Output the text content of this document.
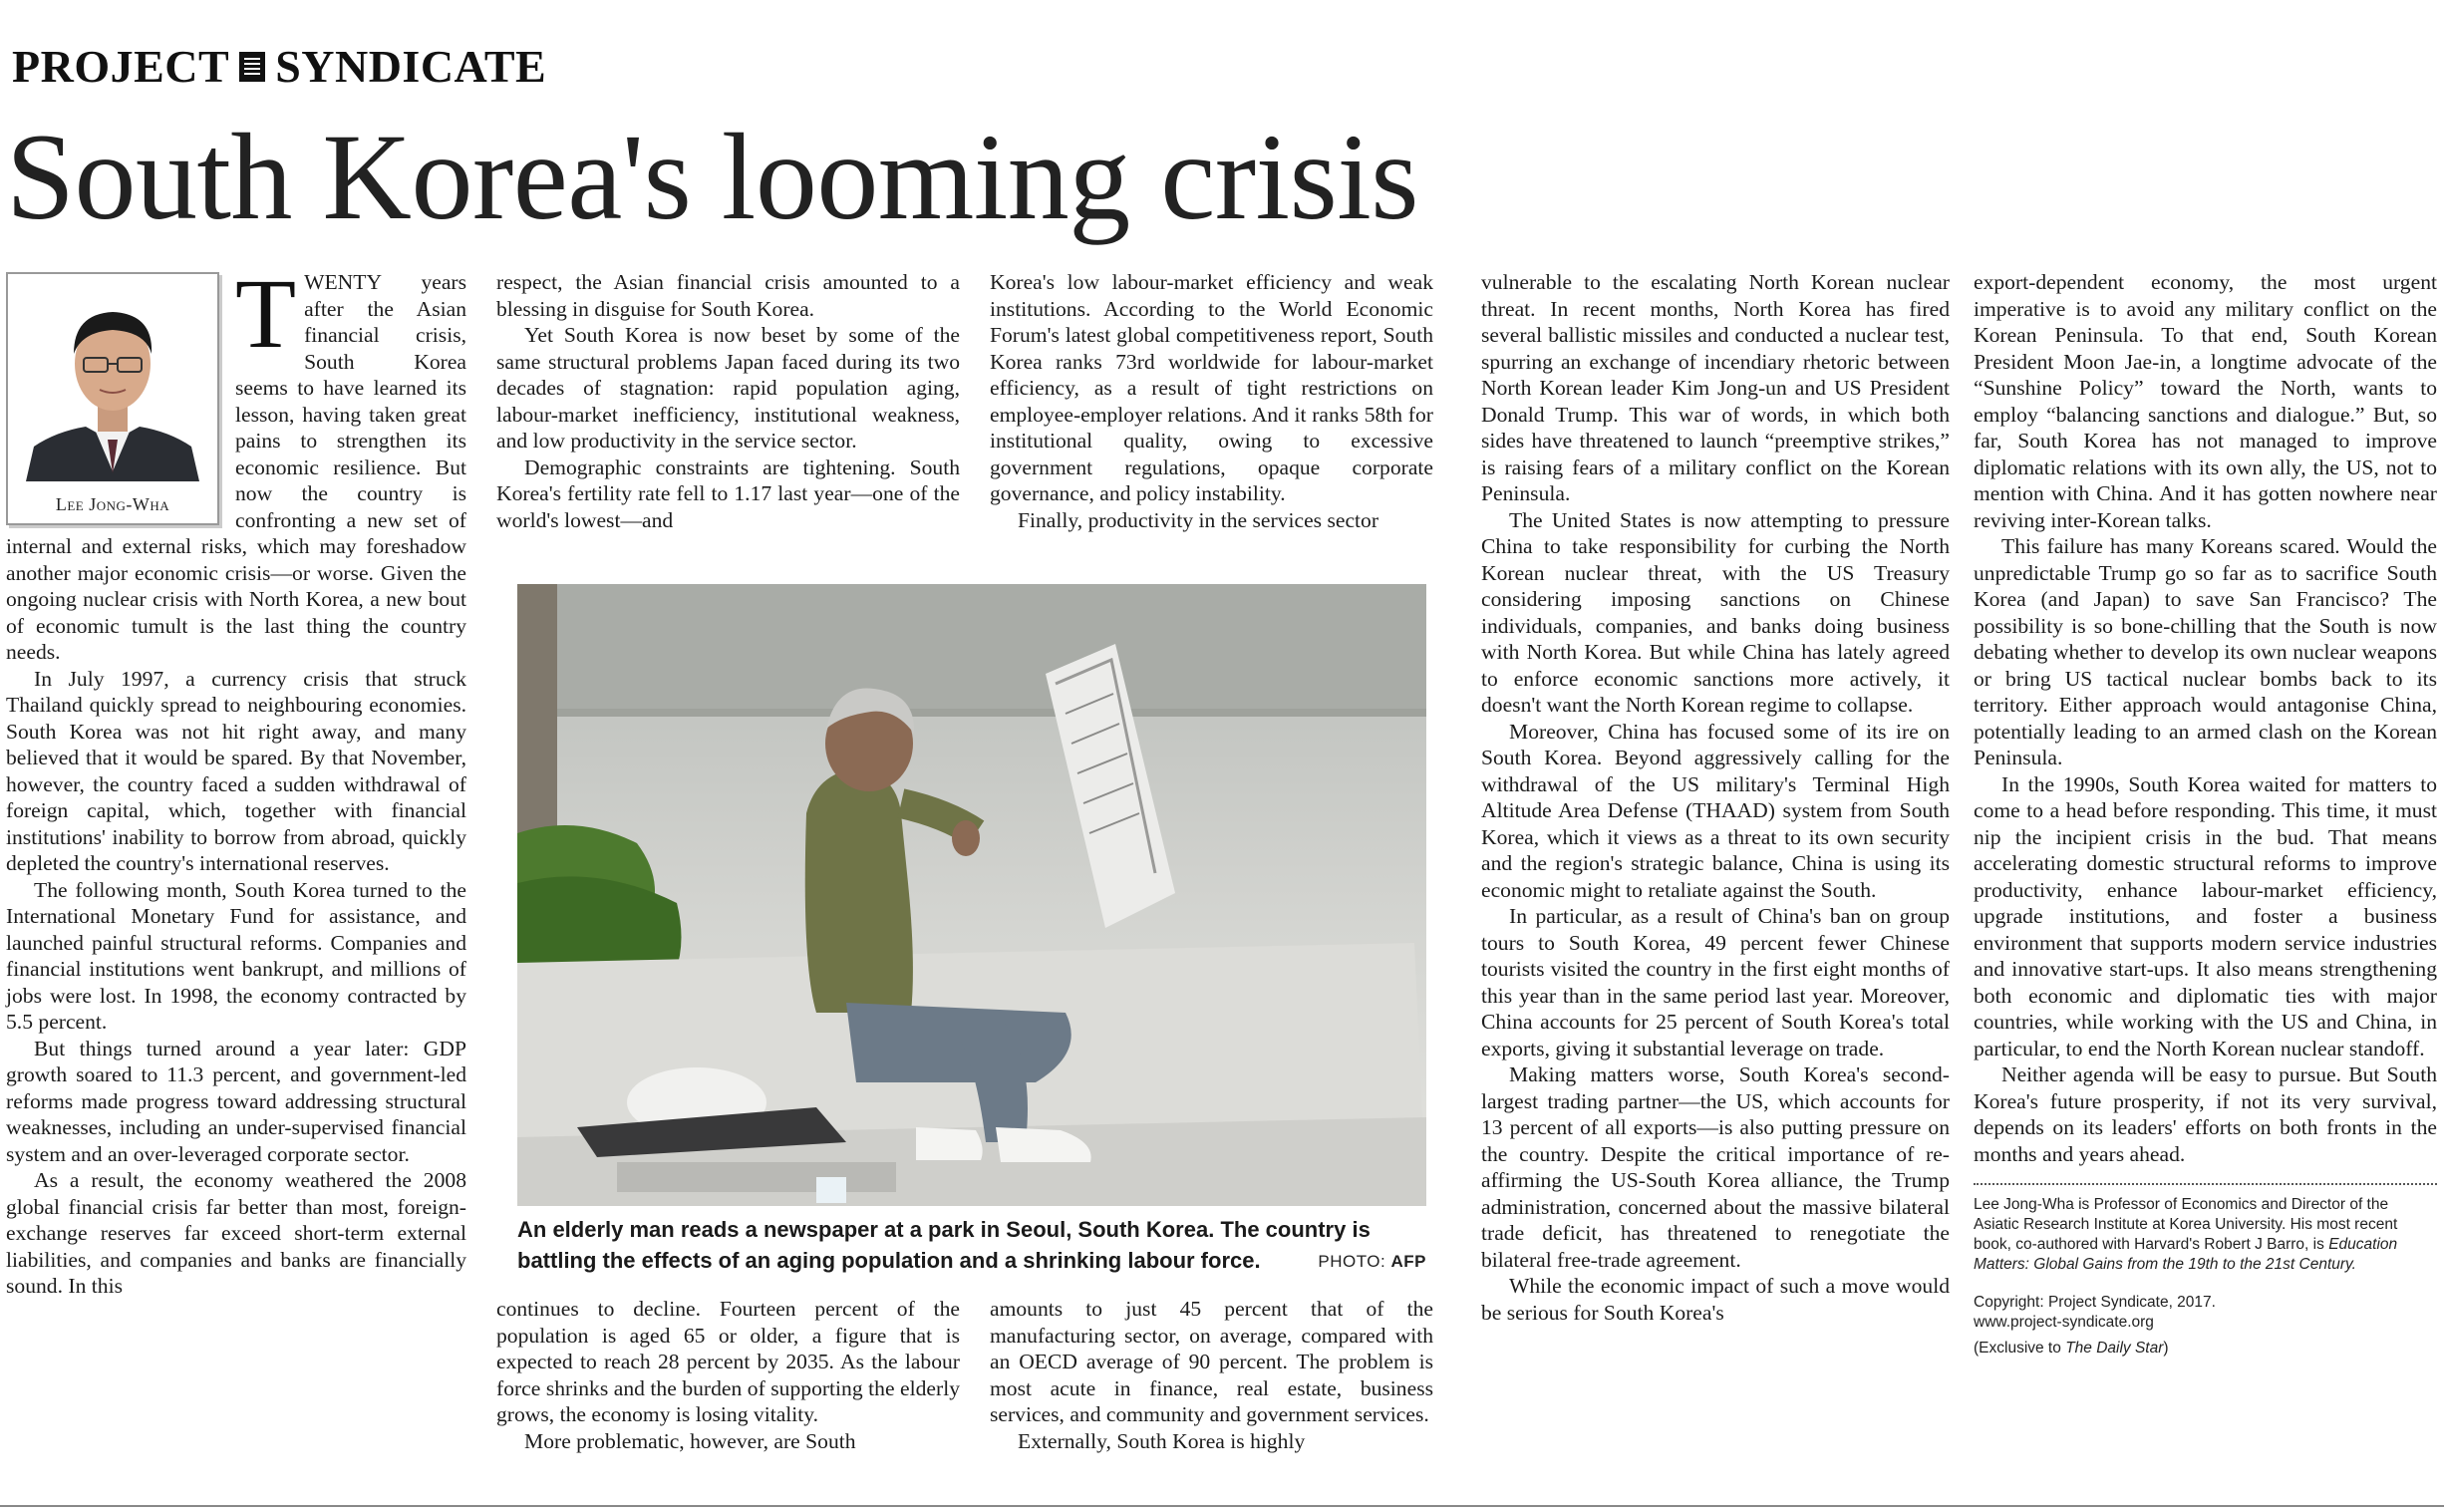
PROJECT SYNDICATE
South Korea's looming crisis
Lee Jong-Wha
T WENTY years after the Asian financial crisis, South Korea seems to have learned its lesson, having taken great pains to strengthen its economic resilience. But now the country is confronting a new set of internal and external risks, which may foreshadow another major economic crisis—or worse. Given the ongoing nuclear crisis with North Korea, a new bout of economic tumult is the last thing the country needs.

In July 1997, a currency crisis that struck Thailand quickly spread to neighbouring economies. South Korea was not hit right away, and many believed that it would be spared. By that November, however, the country faced a sudden withdrawal of foreign capital, which, together with financial institutions' inability to borrow from abroad, quickly depleted the country's international reserves.

The following month, South Korea turned to the International Monetary Fund for assistance, and launched painful structural reforms. Companies and financial institutions went bankrupt, and millions of jobs were lost. In 1998, the economy contracted by 5.5 percent.

But things turned around a year later: GDP growth soared to 11.3 percent, and government-led reforms made progress toward addressing structural weaknesses, including an under-supervised financial system and an over-leveraged corporate sector.

As a result, the economy weathered the 2008 global financial crisis far better than most, foreign-exchange reserves far exceed short-term external liabilities, and companies and banks are financially sound. In this

respect, the Asian financial crisis amounted to a blessing in disguise for South Korea.

Yet South Korea is now beset by some of the same structural problems Japan faced during its two decades of stagnation: rapid population aging, labour-market inefficiency, institutional weakness, and low productivity in the service sector.

Demographic constraints are tightening. South Korea's fertility rate fell to 1.17 last year—one of the world's lowest—and

Korea's low labour-market efficiency and weak institutions. According to the World Economic Forum's latest global competitiveness report, South Korea ranks 73rd worldwide for labour-market efficiency, as a result of tight restrictions on employee-employer relations. And it ranks 58th for institutional quality, owing to excessive government regulations, opaque corporate governance, and policy instability.

Finally, productivity in the services sector

An elderly man reads a newspaper at a park in Seoul, South Korea. The country is battling the effects of an aging population and a shrinking labour force.	PHOTO: AFP

continues to decline. Fourteen percent of the population is aged 65 or older, a figure that is expected to reach 28 percent by 2035. As the labour force shrinks and the burden of supporting the elderly grows, the economy is losing vitality.

More problematic, however, are South

amounts to just 45 percent that of the manufacturing sector, on average, compared with an OECD average of 90 percent. The problem is most acute in finance, real estate, business services, and community and government services.

Externally, South Korea is highly

vulnerable to the escalating North Korean nuclear threat. In recent months, North Korea has fired several ballistic missiles and conducted a nuclear test, spurring an exchange of incendiary rhetoric between North Korean leader Kim Jong-un and US President Donald Trump. This war of words, in which both sides have threatened to launch “preemptive strikes,” is raising fears of a military conflict on the Korean Peninsula.

The United States is now attempting to pressure China to take responsibility for curbing the North Korean nuclear threat, with the US Treasury considering imposing sanctions on Chinese individuals, companies, and banks doing business with North Korea. But while China has lately agreed to enforce economic sanctions more actively, it doesn't want the North Korean regime to collapse.

Moreover, China has focused some of its ire on South Korea. Beyond aggressively calling for the withdrawal of the US military's Terminal High Altitude Area Defense (THAAD) system from South Korea, which it views as a threat to its own security and the region's strategic balance, China is using its economic might to retaliate against the South.

In particular, as a result of China's ban on group tours to South Korea, 49 percent fewer Chinese tourists visited the country in the first eight months of this year than in the same period last year. Moreover, China accounts for 25 percent of South Korea's total exports, giving it substantial leverage on trade.

Making matters worse, South Korea's second-largest trading partner—the US, which accounts for 13 percent of all exports—is also putting pressure on the country. Despite the critical importance of re-affirming the US-South Korea alliance, the Trump administration, concerned about the massive bilateral trade deficit, has threatened to renegotiate the bilateral free-trade agreement.

While the economic impact of such a move would be serious for South Korea's

export-dependent economy, the most urgent imperative is to avoid any military conflict on the Korean Peninsula. To that end, South Korean President Moon Jae-in, a longtime advocate of the “Sunshine Policy” toward the North, wants to employ “balancing sanctions and dialogue.” But, so far, South Korea has not managed to improve diplomatic relations with its own ally, the US, not to mention with China. And it has gotten nowhere near reviving inter-Korean talks.

This failure has many Koreans scared. Would the unpredictable Trump go so far as to sacrifice South Korea (and Japan) to save San Francisco? The possibility is so bone-chilling that the South is now debating whether to develop its own nuclear weapons or bring US tactical nuclear bombs back to its territory. Either approach would antagonise China, potentially leading to an armed clash on the Korean Peninsula.

In the 1990s, South Korea waited for matters to come to a head before responding. This time, it must nip the incipient crisis in the bud. That means accelerating domestic structural reforms to improve productivity, enhance labour-market efficiency, upgrade institutions, and foster a business environment that supports modern service industries and innovative start-ups. It also means strengthening both economic and diplomatic ties with major countries, while working with the US and China, in particular, to end the North Korean nuclear standoff.

Neither agenda will be easy to pursue. But South Korea's future prosperity, if not its very survival, depends on its leaders' efforts on both fronts in the months and years ahead.

Lee Jong-Wha is Professor of Economics and Director of the Asiatic Research Institute at Korea University. His most recent book, co-authored with Harvard's Robert J Barro, is Education Matters: Global Gains from the 19th to the 21st Century.

Copyright: Project Syndicate, 2017.

www.project-syndicate.org

(Exclusive to The Daily Star)
